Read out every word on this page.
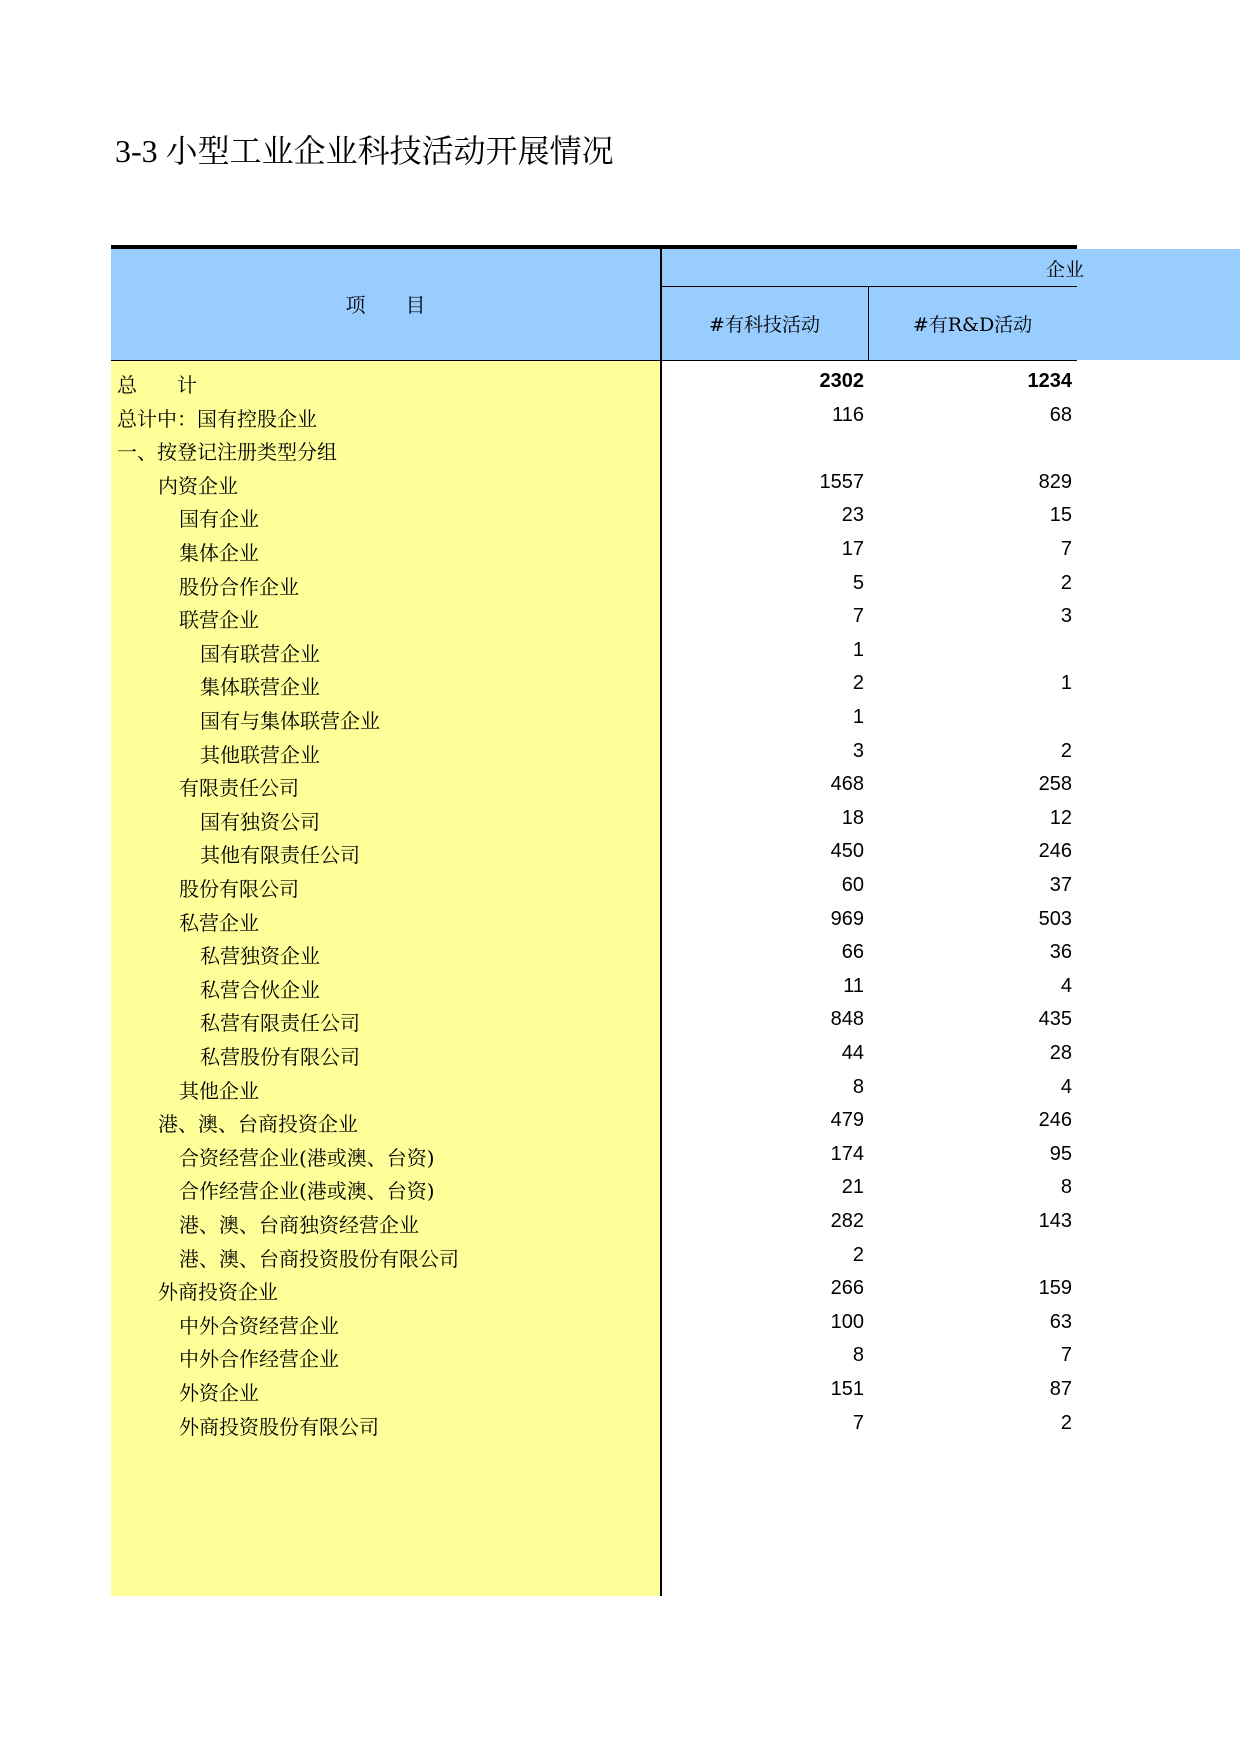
3-3 小型工业企业科技活动开展情况
项　　目
企业
#有科技活动	#有R&D活动
总　　计	2302	1234
总计中：国有控股企业	116	68
一、按登记注册类型分组
内资企业	1557	829
国有企业	23	15
集体企业	17	7
股份合作企业	5	2
联营企业	7	3
国有联营企业	1
集体联营企业	2	1
国有与集体联营企业	1
其他联营企业	3	2
有限责任公司	468	258
国有独资公司	18	12
其他有限责任公司	450	246
股份有限公司	60	37
私营企业	969	503
私营独资企业	66	36
私营合伙企业	11	4
私营有限责任公司	848	435
私营股份有限公司	44	28
其他企业	8	4
港、澳、台商投资企业	479	246
合资经营企业(港或澳、台资)	174	95
合作经营企业(港或澳、台资)	21	8
港、澳、台商独资经营企业	282	143
港、澳、台商投资股份有限公司	2
外商投资企业	266	159
中外合资经营企业	100	63
中外合作经营企业	8	7
外资企业	151	87
外商投资股份有限公司	7	2
